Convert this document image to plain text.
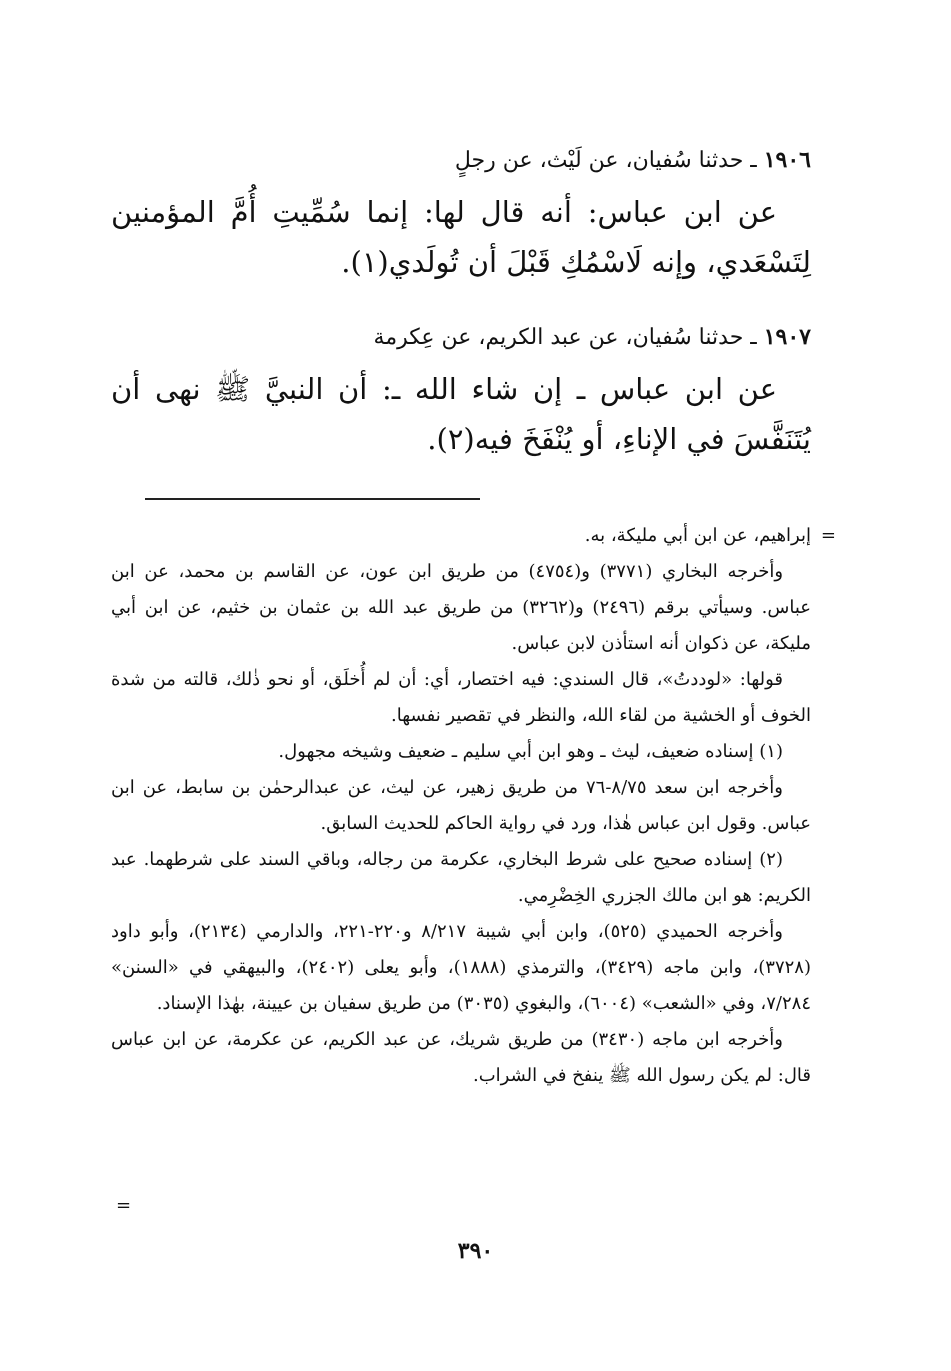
١٩٠٦ ـ حدثنا سُفيان، عن لَيْث، عن رجلٍ

عن ابن عباس: أنه قال لها: إنما سُمِّيتِ أُمَّ المؤمنين لِتَسْعَدي، وإنه لَاسْمُكِ قَبْلَ أن تُولَدي(١).

١٩٠٧ ـ حدثنا سُفيان، عن عبد الكريم، عن عِكرمة

عن ابن عباس ـ إن شاء الله ـ: أن النبيَّ ﷺ نهى أن يُتَنَفَّسَ في الإناءِ، أو يُنْفَخَ فيه(٢).

=

إبراهيم، عن ابن أبي مليكة، به.

وأخرجه البخاري (٣٧٧١) و(٤٧٥٤) من طريق ابن عون، عن القاسم بن محمد، عن ابن عباس. وسيأتي برقم (٢٤٩٦) و(٣٢٦٢) من طريق عبد الله بن عثمان بن خثيم، عن ابن أبي مليكة، عن ذكوان أنه استأذن لابن عباس.

قولها: «لوددتُ»، قال السندي: فيه اختصار، أي: أن لم أُخلَق، أو نحو ذٰلك، قالته من شدة الخوف أو الخشية من لقاء الله، والنظر في تقصير نفسها.

(١) إسناده ضعيف، ليث ـ وهو ابن أبي سليم ـ ضعيف وشيخه مجهول.

وأخرجه ابن سعد ٨/٧٥-٧٦ من طريق زهير، عن ليث، عن عبدالرحمٰن بن سابط، عن ابن عباس. وقول ابن عباس هٰذا، ورد في رواية الحاكم للحديث السابق.

(٢) إسناده صحيح على شرط البخاري، عكرمة من رجاله، وباقي السند على شرطهما. عبد الكريم: هو ابن مالك الجزري الخِضْرِمي.

وأخرجه الحميدي (٥٢٥)، وابن أبي شيبة ٨/٢١٧ و٢٢٠-٢٢١، والدارمي (٢١٣٤)، وأبو داود (٣٧٢٨)، وابن ماجه (٣٤٢٩)، والترمذي (١٨٨٨)، وأبو يعلى (٢٤٠٢)، والبيهقي في «السنن» ٧/٢٨٤، وفي «الشعب» (٦٠٠٤)، والبغوي (٣٠٣٥) من طريق سفيان بن عيينة، بهٰذا الإسناد.

وأخرجه ابن ماجه (٣٤٣٠) من طريق شريك، عن عبد الكريم، عن عكرمة، عن ابن عباس قال: لم يكن رسول الله ﷺ ينفخ في الشراب.

=
٣٩٠
